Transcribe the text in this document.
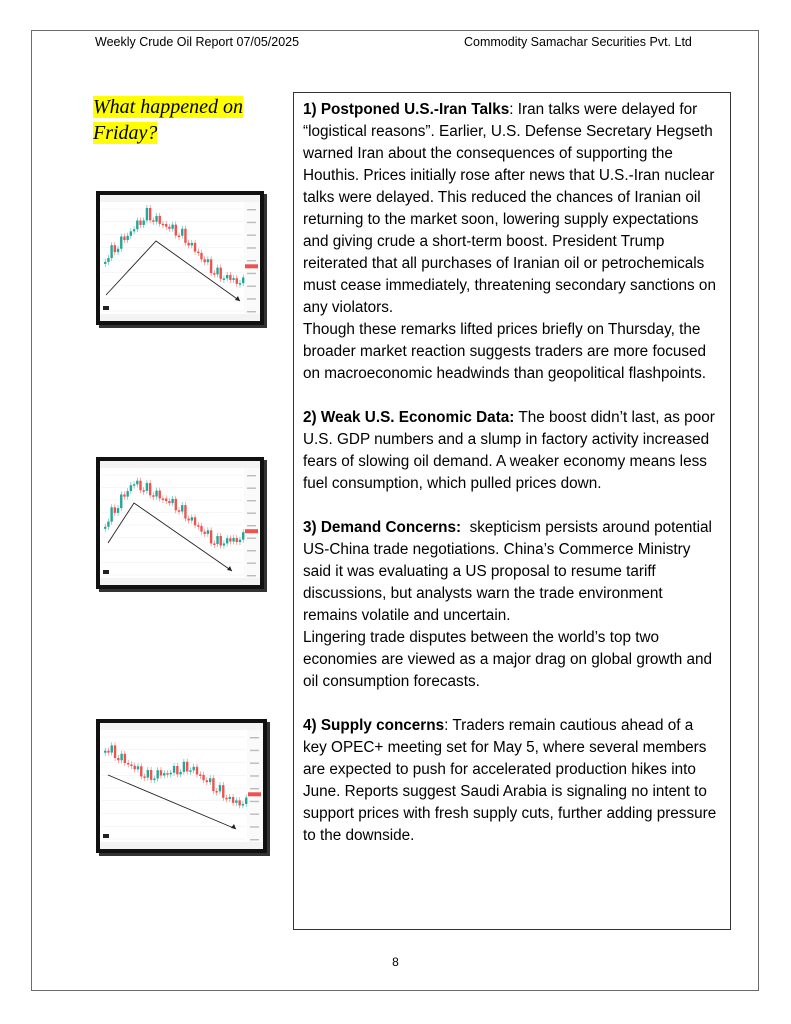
Weekly Crude Oil Report 07/05/2025	Commodity Samachar Securities Pvt. Ltd
What happened on
Friday?

1) Postponed U.S.-Iran Talks: Iran talks were delayed for “logistical reasons”. Earlier, U.S. Defense Secretary Hegseth warned Iran about the consequences of supporting the Houthis. Prices initially rose after news that U.S.-Iran nuclear talks were delayed. This reduced the chances of Iranian oil returning to the market soon, lowering supply expectations and giving crude a short-term boost. President Trump reiterated that all purchases of Iranian oil or petrochemicals must cease immediately, threatening secondary sanctions on any violators.

Though these remarks lifted prices briefly on Thursday, the broader market reaction suggests traders are more focused on macroeconomic headwinds than geopolitical flashpoints.

2) Weak U.S. Economic Data: The boost didn’t last, as poor U.S. GDP numbers and a slump in factory activity increased fears of slowing oil demand. A weaker economy means less fuel consumption, which pulled prices down.

3) Demand Concerns: skepticism persists around potential US-China trade negotiations. China’s Commerce Ministry said it was evaluating a US proposal to resume tariff discussions, but analysts warn the trade environment remains volatile and uncertain.

Lingering trade disputes between the world’s top two economies are viewed as a major drag on global growth and oil consumption forecasts.

4) Supply concerns: Traders remain cautious ahead of a key OPEC+ meeting set for May 5, where several members are expected to push for accelerated production hikes into June. Reports suggest Saudi Arabia is signaling no intent to support prices with fresh supply cuts, further adding pressure to the downside.

8
